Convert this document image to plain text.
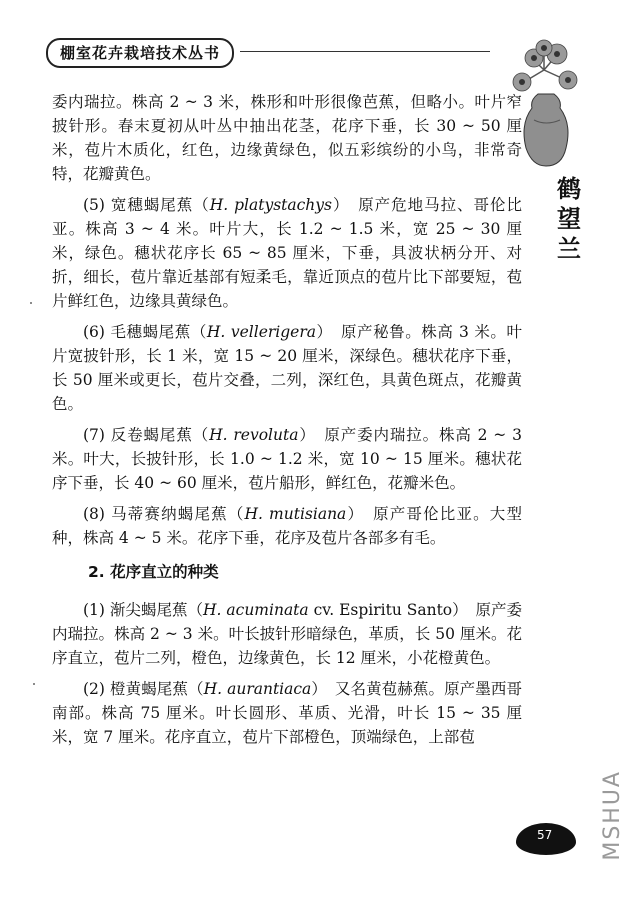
棚室花卉栽培技术丛书
鹤
望
兰

委内瑞拉。株高 2 ~ 3 米，株形和叶形很像芭蕉，但略小。叶片窄披针形。春末夏初从叶丛中抽出花茎，花序下垂，长 30 ~ 50 厘米，苞片木质化，红色，边缘黄绿色，似五彩缤纷的小鸟，非常奇特，花瓣黄色。

(5) 宽穗蝎尾蕉（H. platystachys）　原产危地马拉、哥伦比亚。株高 3 ~ 4 米。叶片大，长 1.2 ~ 1.5 米，宽 25 ~ 30 厘米，绿色。穗状花序长 65 ~ 85 厘米，下垂，具波状柄分开、对折，细长，苞片靠近基部有短柔毛，靠近顶点的苞片比下部要短，苞片鲜红色，边缘具黄绿色。

(6) 毛穗蝎尾蕉（H. vellerigera）　原产秘鲁。株高 3 米。叶片宽披针形，长 1 米，宽 15 ~ 20 厘米，深绿色。穗状花序下垂，长 50 厘米或更长，苞片交叠，二列，深红色，具黄色斑点，花瓣黄色。

(7) 反卷蝎尾蕉（H. revoluta）　原产委内瑞拉。株高 2 ~ 3 米。叶大，长披针形，长 1.0 ~ 1.2 米，宽 10 ~ 15 厘米。穗状花序下垂，长 40 ~ 60 厘米，苞片船形，鲜红色，花瓣米色。

(8) 马蒂赛纳蝎尾蕉（H. mutisiana）　原产哥伦比亚。大型种，株高 4 ~ 5 米。花序下垂，花序及苞片各部多有毛。

2. 花序直立的种类

(1) 渐尖蝎尾蕉（H. acuminata cv. Espiritu Santo）　原产委内瑞拉。株高 2 ~ 3 米。叶长披针形暗绿色，革质，长 50 厘米。花序直立，苞片二列，橙色，边缘黄色，长 12 厘米，小花橙黄色。

(2) 橙黄蝎尾蕉（H. aurantiaca）　又名黄苞赫蕉。原产墨西哥南部。株高 75 厘米。叶长圆形、革质、光滑，叶长 15 ~ 35 厘米，宽 7 厘米。花序直立，苞片下部橙色，顶端绿色，上部苞

57 MSHUA
